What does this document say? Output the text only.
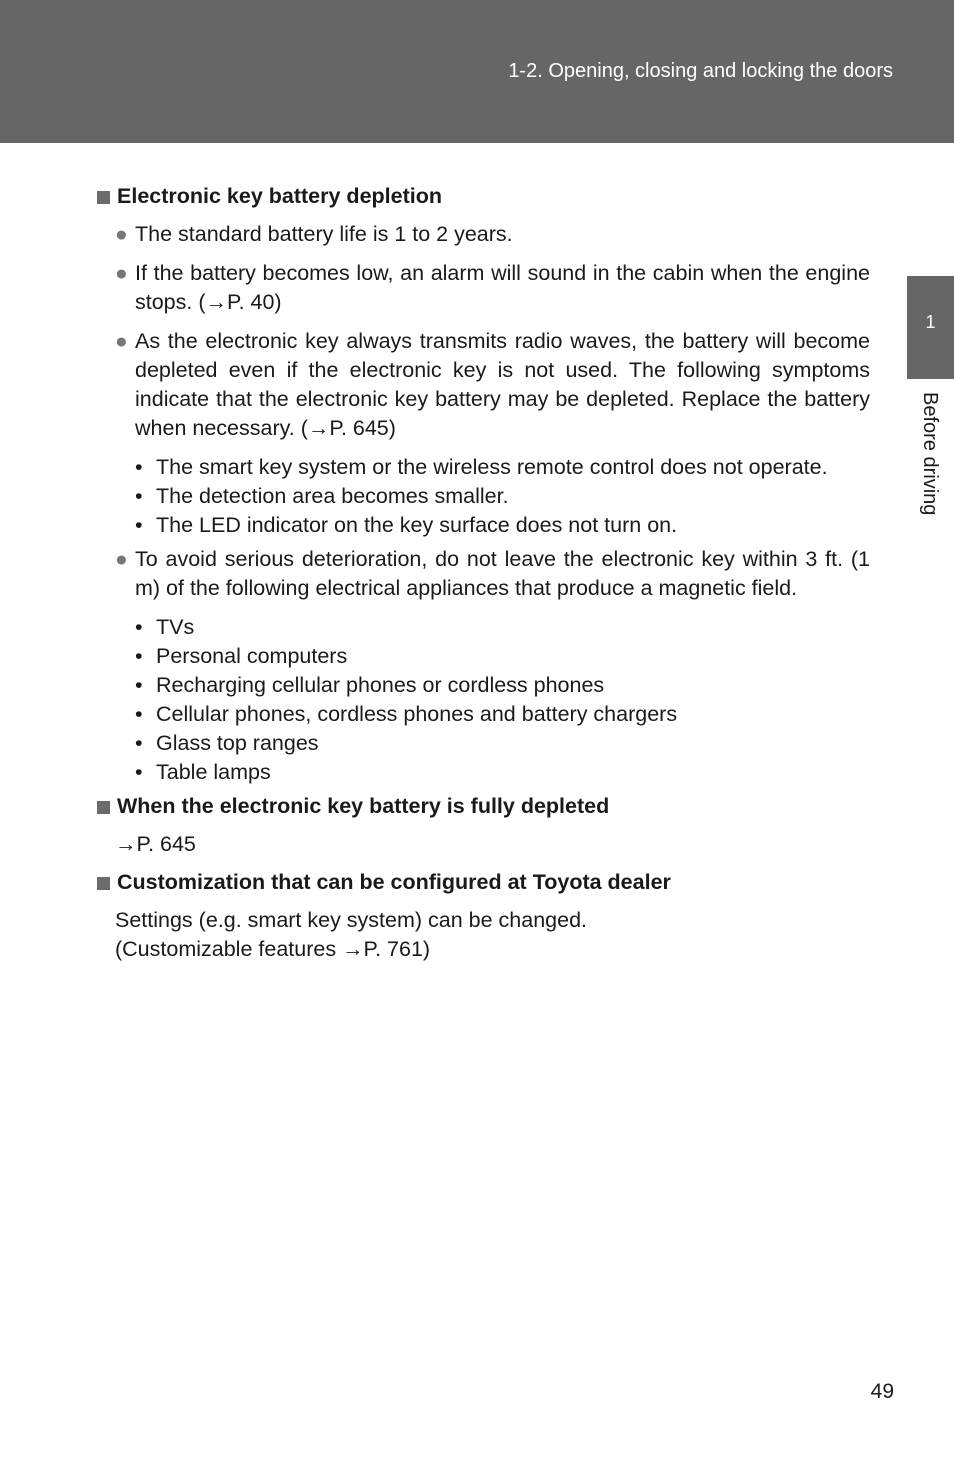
1-2. Opening, closing and locking the doors
1
Before driving
Electronic key battery depletion
● The standard battery life is 1 to 2 years.
● If the battery becomes low, an alarm will sound in the cabin when the engine stops. (→P. 40)
● As the electronic key always transmits radio waves, the battery will become depleted even if the electronic key is not used. The following symptoms indicate that the electronic key battery may be depleted. Replace the battery when necessary. (→P. 645)
• The smart key system or the wireless remote control does not operate.
• The detection area becomes smaller.
• The LED indicator on the key surface does not turn on.
● To avoid serious deterioration, do not leave the electronic key within 3 ft. (1 m) of the following electrical appliances that produce a magnetic field.
• TVs
• Personal computers
• Recharging cellular phones or cordless phones
• Cellular phones, cordless phones and battery chargers
• Glass top ranges
• Table lamps
When the electronic key battery is fully depleted
→P. 645
Customization that can be configured at Toyota dealer
Settings (e.g. smart key system) can be changed.
(Customizable features →P. 761)
49
